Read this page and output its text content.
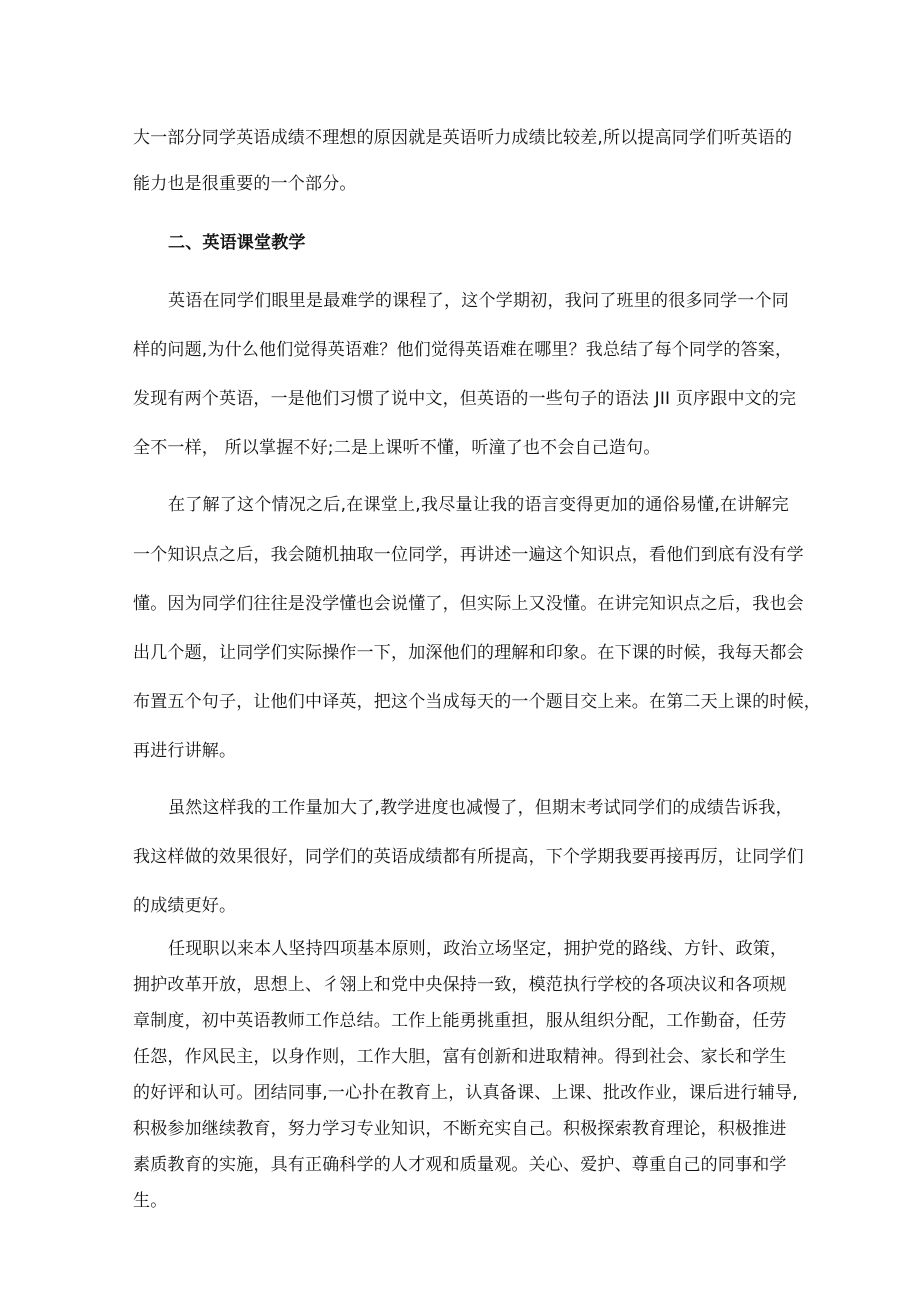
大一部分同学英语成绩不理想的原因就是英语听力成绩比较差,所以提高同学们听英语的
能力也是很重要的一个部分。
二、英语课堂教学
英语在同学们眼里是最难学的课程了，这个学期初，我问了班里的很多同学一个同
样的问题,为什么他们觉得英语难？他们觉得英语难在哪里？我总结了每个同学的答案，
发现有两个英语，一是他们习惯了说中文，但英语的一些句子的语法 JII 页序跟中文的完
全不一样， 所以掌握不好;二是上课听不懂，听潼了也不会自己造句。
在了解了这个情况之后,在课堂上,我尽量让我的语言变得更加的通俗易懂,在讲解完
一个知识点之后，我会随机抽取一位同学，再讲述一遍这个知识点，看他们到底有没有学
懂。因为同学们往往是没学懂也会说懂了，但实际上又没懂。在讲完知识点之后，我也会
出几个题，让同学们实际操作一下，加深他们的理解和印象。在下课的时候，我每天都会
布置五个句子，让他们中译英，把这个当成每天的一个题目交上来。在第二天上课的时候，
再进行讲解。
虽然这样我的工作量加大了,教学进度也减慢了，但期末考试同学们的成绩告诉我，
我这样做的效果很好，同学们的英语成绩都有所提高，下个学期我要再接再厉，让同学们
的成绩更好。
任现职以来本人坚持四项基本原则，政治立场坚定，拥护党的路线、方针、政策，
拥护改革开放，思想上、彳翎上和党中央保持一致，模范执行学校的各项决议和各项规
章制度，初中英语教师工作总结。工作上能勇挑重担，服从组织分配，工作勤奋，任劳
任怨，作风民主，以身作则，工作大胆，富有创新和进取精神。得到社会、家长和学生
的好评和认可。团结同事,一心扑在教育上，认真备课、上课、批改作业，课后进行辅导,
积极参加继续教育，努力学习专业知识，不断充实自己。积极探索教育理论，积极推进
素质教育的实施，具有正确科学的人才观和质量观。关心、爱护、尊重自己的同事和学
生。
